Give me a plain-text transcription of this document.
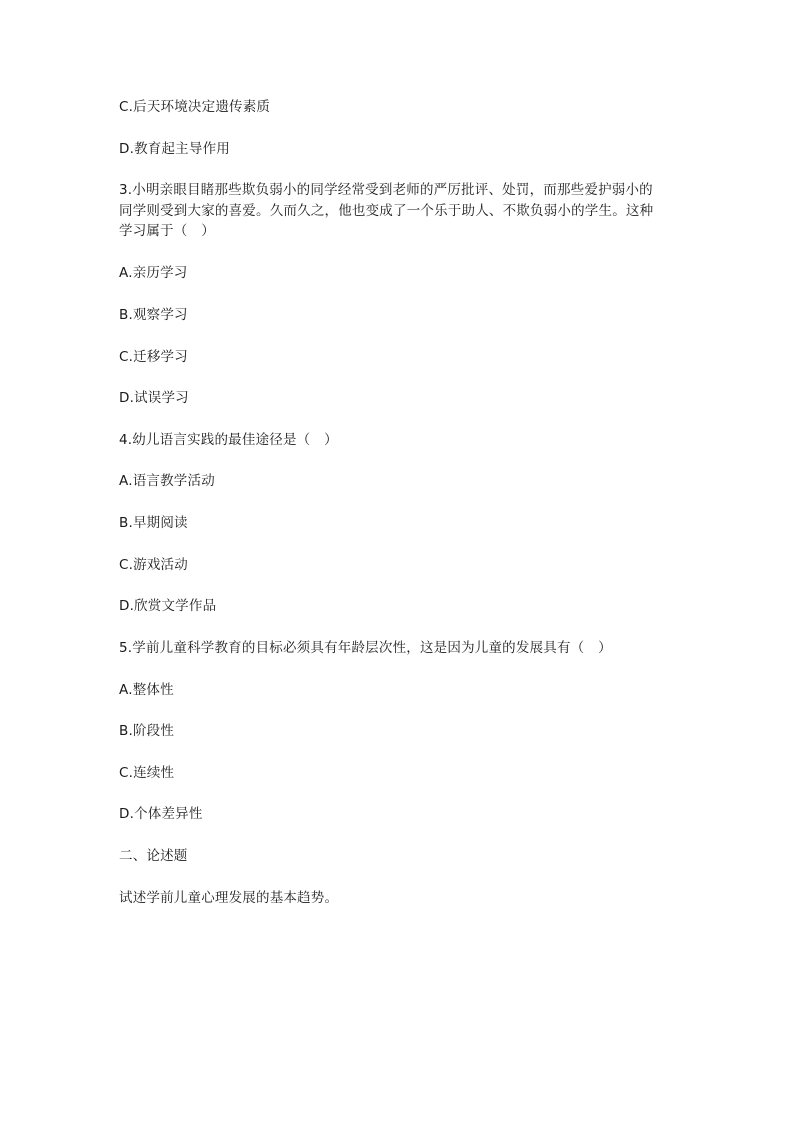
C.后天环境决定遗传素质
D.教育起主导作用
3.小明亲眼目睹那些欺负弱小的同学经常受到老师的严厉批评、处罚，而那些爱护弱小的
同学则受到大家的喜爱。久而久之，他也变成了一个乐于助人、不欺负弱小的学生。这种
学习属于（　）
A.亲历学习
B.观察学习
C.迁移学习
D.试误学习
4.幼儿语言实践的最佳途径是（　）
A.语言教学活动
B.早期阅读
C.游戏活动
D.欣赏文学作品
5.学前儿童科学教育的目标必须具有年龄层次性，这是因为儿童的发展具有（　）
A.整体性
B.阶段性
C.连续性
D.个体差异性
二、论述题
试述学前儿童心理发展的基本趋势。
